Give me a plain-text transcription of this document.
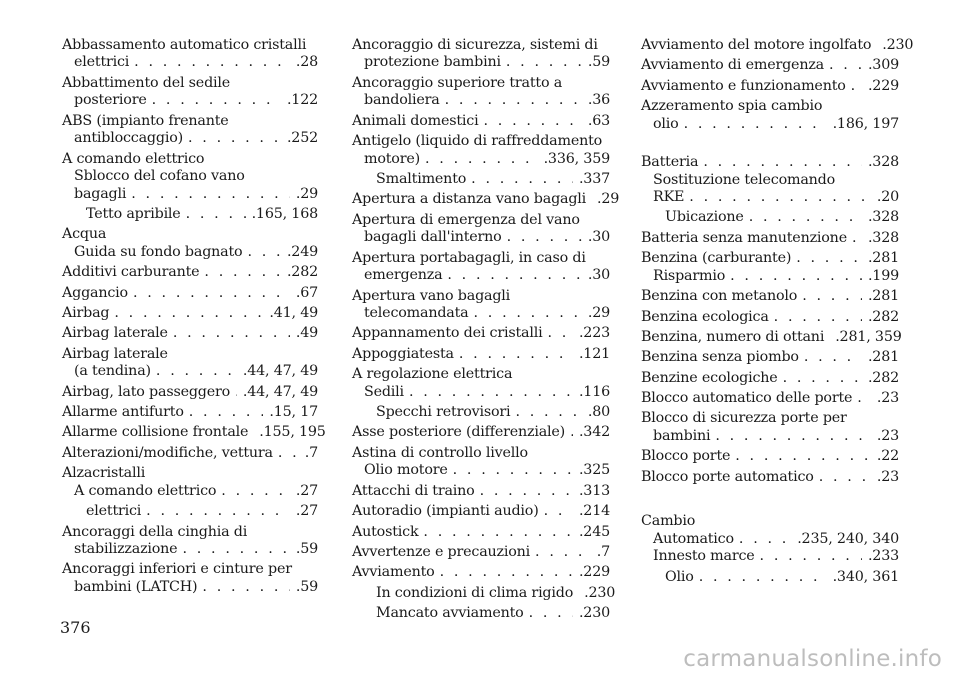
Abbassamento automatico cristalli
elettrici . . .	.28
Abbattimento del sedile
posteriore . . .	.122
ABS (impianto frenante
antibloccaggio) . . .	.252
A comando elettrico
Sblocco del cofano vano
bagagli . . .	.29
Tetto apribile . . .	.165, 168
Acqua
Guida su fondo bagnato . . .	.249
Additivi carburante . . .	.282
Aggancio . . .	.67
Airbag . . .	.41, 49
Airbag laterale . . .	.49
Airbag laterale
(a tendina) . . .	.44, 47, 49
Airbag, lato passeggero . . . .44, 47, 49
Allarme antifurto . . .	.15, 17
Allarme collisione frontale . . . .155, 195
Alterazioni/modifiche, vettura . . .	.7
Alzacristalli
A comando elettrico . . .	.27
elettrici . . .	.27
Ancoraggi della cinghia di
stabilizzazione . . .	.59
Ancoraggi inferiori e cinture per
bambini (LATCH) . . .	.59
Ancoraggio di sicurezza, sistemi di
protezione bambini . . .	.59
Ancoraggio superiore tratto a
bandoliera . . .	.36
Animali domestici . . .	.63
Antigelo (liquido di raffreddamento
motore) . . .	.336, 359
Smaltimento . . .	.337
Apertura a distanza vano bagagli . . . .29
Apertura di emergenza del vano
bagagli dall'interno . . .	.30
Apertura portabagagli, in caso di
emergenza . . .	.30
Apertura vano bagagli
telecomandata . . .	.29
Appannamento dei cristalli . . .	.223
Appoggiatesta . . .	.121
A regolazione elettrica
Sedili . . .	.116
Specchi retrovisori . . .	.80
Asse posteriore (differenziale) . . . .342
Astina di controllo livello
Olio motore . . .	.325
Attacchi di traino . . .	.313
Autoradio (impianti audio) . . .	.214
Autostick . . .	.245
Avvertenze e precauzioni . . .	.7
Avviamento . . .	.229
In condizioni di clima rigido . . . .230
Mancato avviamento . . .	.230
Avviamento del motore ingolfato . . . .230
Avviamento di emergenza . . .	.309
Avviamento e funzionamento . . .	.229
Azzeramento spia cambio
olio . . .	.186, 197
Batteria . . .	.328
Sostituzione telecomando
RKE . . .	.20
Ubicazione . . .	.328
Batteria senza manutenzione . . .	.328
Benzina (carburante) . . .	.281
Risparmio . . .	.199
Benzina con metanolo . . .	.281
Benzina ecologica . . .	.282
Benzina, numero di ottani . . . .281, 359
Benzina senza piombo . . .	.281
Benzine ecologiche . . .	.282
Blocco automatico delle porte . . .	.23
Blocco di sicurezza porte per
bambini . . .	.23
Blocco porte . . .	.22
Blocco porte automatico . . .	.23
Cambio
Automatico . . .	.235, 240, 340
Innesto marce . . .	.233
Olio . . .	.340, 361
376
carmanualsonline.info
